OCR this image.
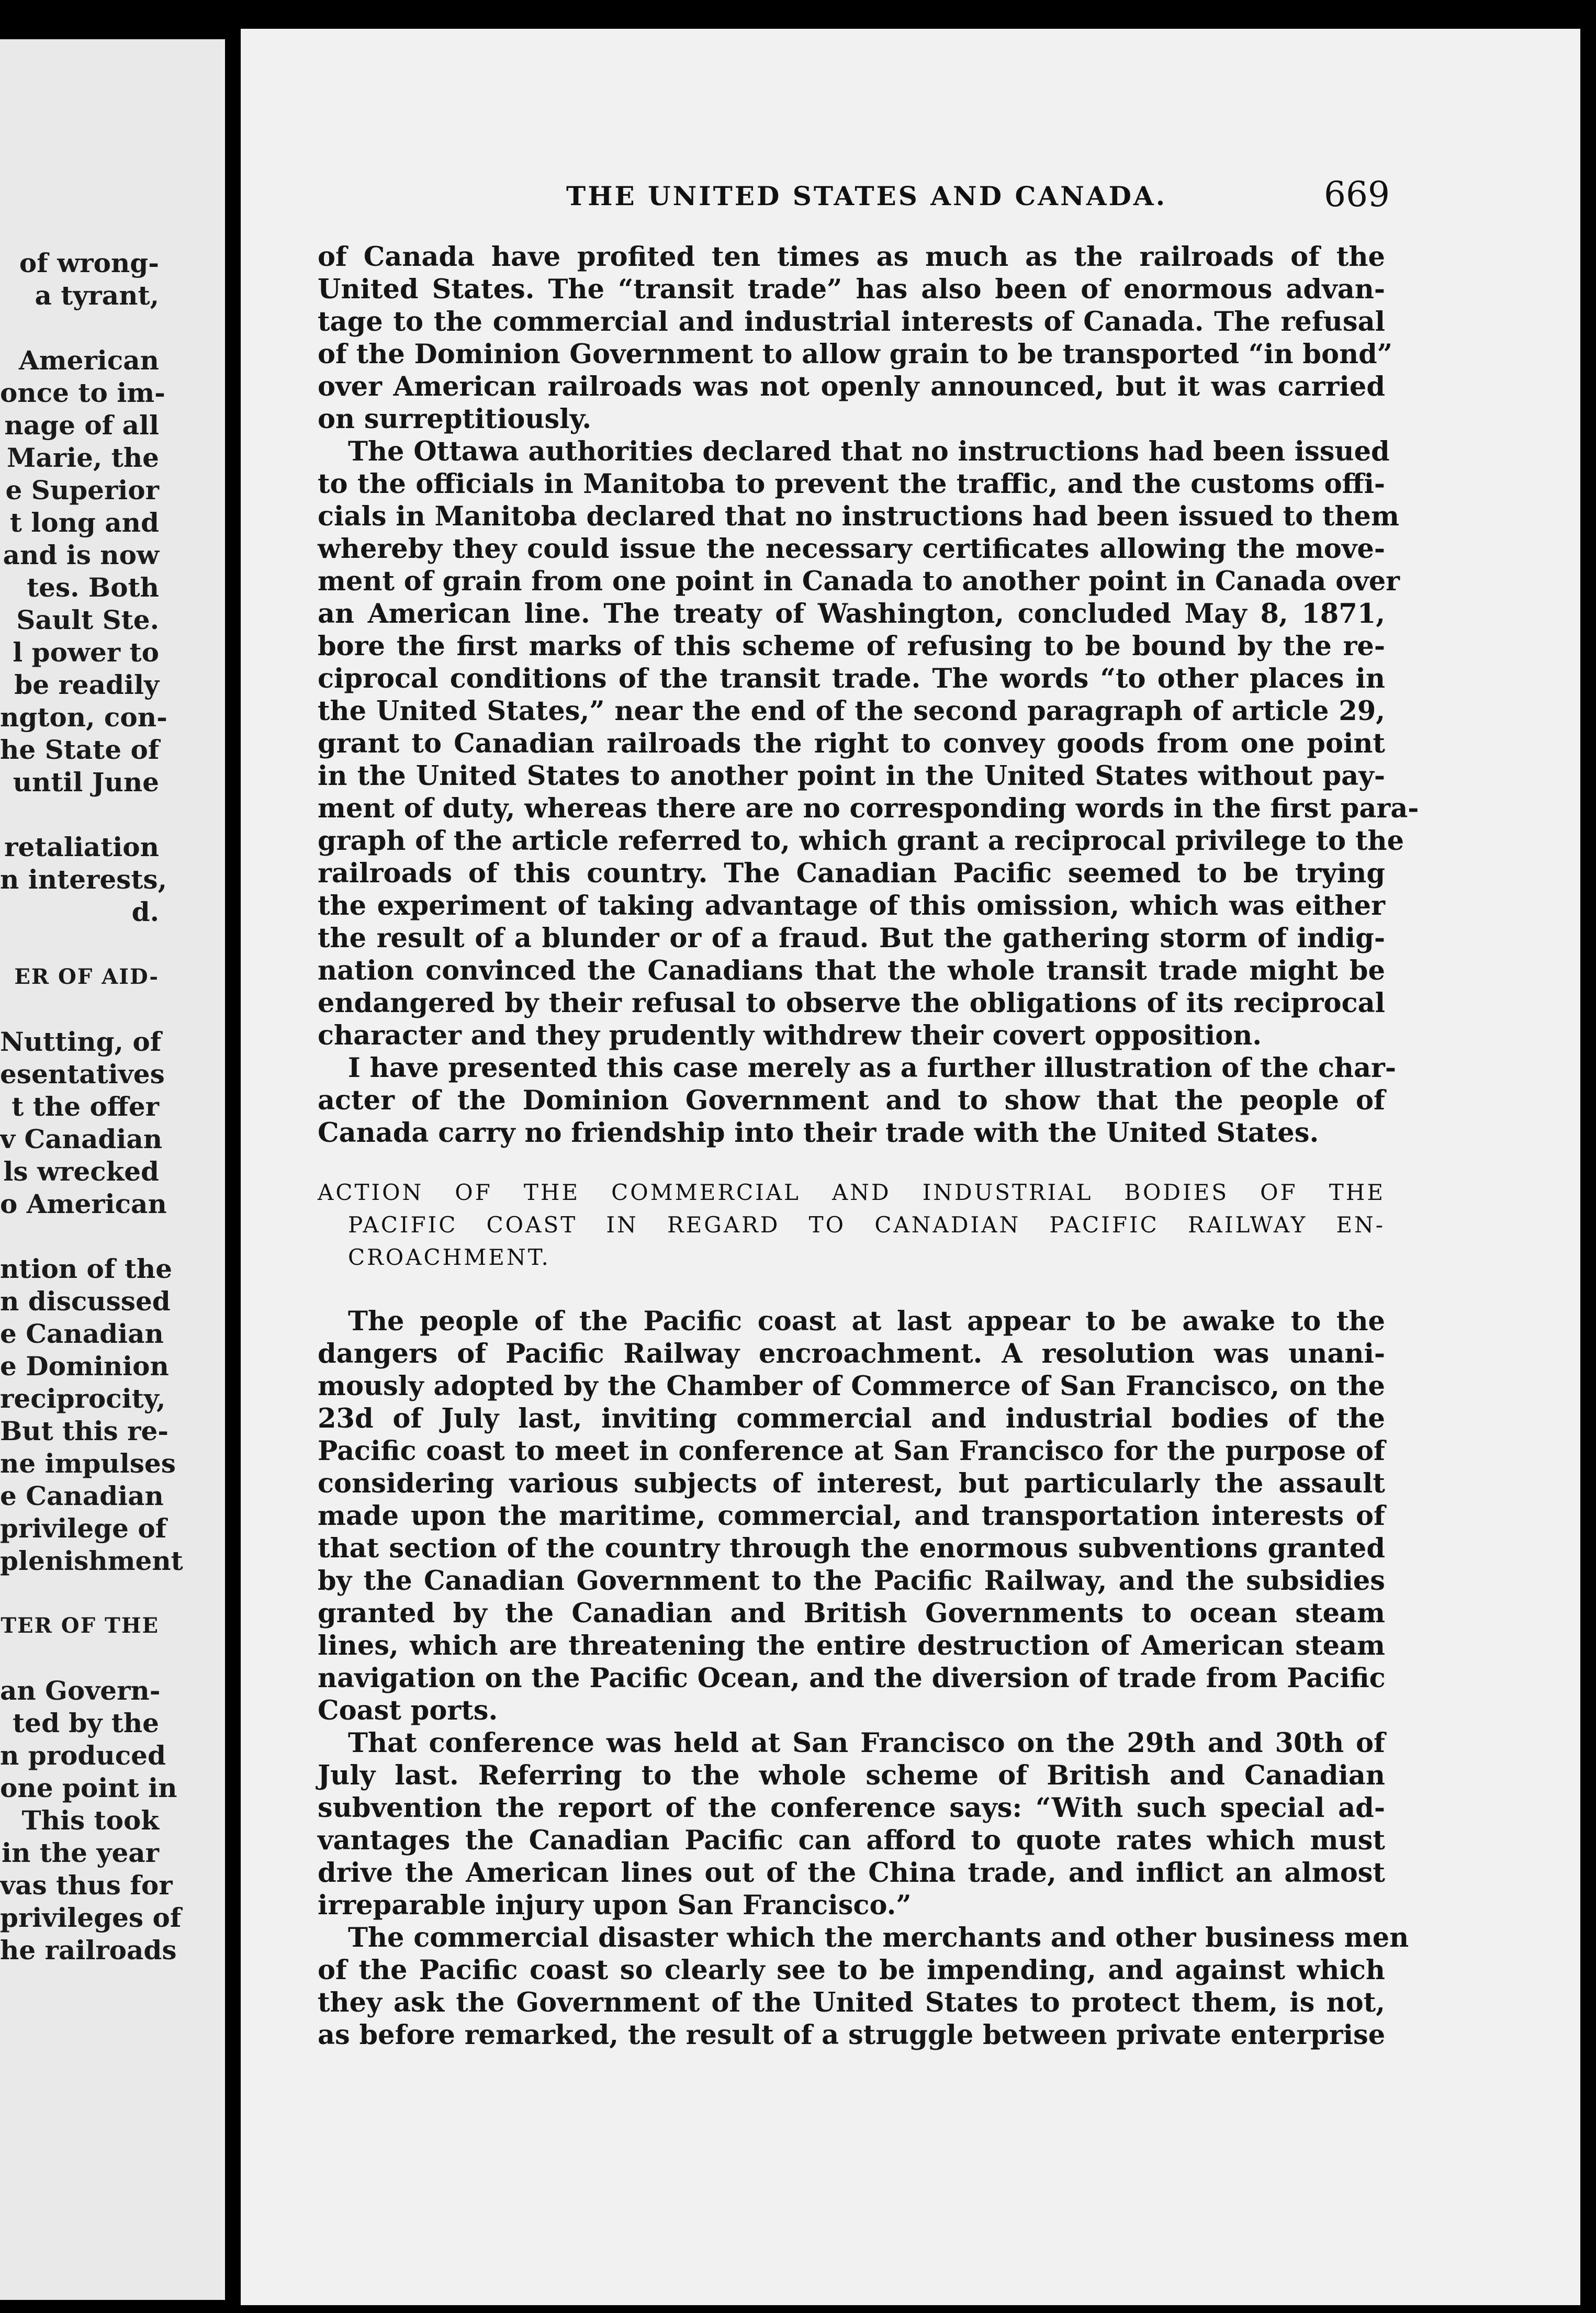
of wrong-
a tyrant,
American
once to im-
nage of all
Marie, the
e Superior
t long and
and is now
tes. Both
Sault Ste.
l power to
be readily
ngton, con-
he State of
until June
retaliation
n interests,
d.
ER OF AID-
Nutting, of
esentatives
t the offer
v Canadian
ls wrecked
o American
ntion of the
n discussed
e Canadian
e Dominion
reciprocity,
But this re-
ne impulses
e Canadian
privilege of
plenishment
TER OF THE
an Govern-
ted by the
n produced
one point in
This took
in the year
vas thus for
privileges of
he railroads
THE UNITED STATES AND CANADA.	669
of Canada have profited ten times as much as the railroads of the
United States. The “transit trade” has also been of enormous advan-
tage to the commercial and industrial interests of Canada. The refusal
of the Dominion Government to allow grain to be transported “in bond”
over American railroads was not openly announced, but it was carried
on surreptitiously.
The Ottawa authorities declared that no instructions had been issued
to the officials in Manitoba to prevent the traffic, and the customs offi-
cials in Manitoba declared that no instructions had been issued to them
whereby they could issue the necessary certificates allowing the move-
ment of grain from one point in Canada to another point in Canada over
an American line. The treaty of Washington, concluded May 8, 1871,
bore the first marks of this scheme of refusing to be bound by the re-
ciprocal conditions of the transit trade. The words “to other places in
the United States,” near the end of the second paragraph of article 29,
grant to Canadian railroads the right to convey goods from one point
in the United States to another point in the United States without pay-
ment of duty, whereas there are no corresponding words in the first para-
graph of the article referred to, which grant a reciprocal privilege to the
railroads of this country. The Canadian Pacific seemed to be trying
the experiment of taking advantage of this omission, which was either
the result of a blunder or of a fraud. But the gathering storm of indig-
nation convinced the Canadians that the whole transit trade might be
endangered by their refusal to observe the obligations of its reciprocal
character and they prudently withdrew their covert opposition.
I have presented this case merely as a further illustration of the char-
acter of the Dominion Government and to show that the people of
Canada carry no friendship into their trade with the United States.
ACTION OF THE COMMERCIAL AND INDUSTRIAL BODIES OF THE
PACIFIC COAST IN REGARD TO CANADIAN PACIFIC RAILWAY EN-
CROACHMENT.
The people of the Pacific coast at last appear to be awake to the
dangers of Pacific Railway encroachment. A resolution was unani-
mously adopted by the Chamber of Commerce of San Francisco, on the
23d of July last, inviting commercial and industrial bodies of the
Pacific coast to meet in conference at San Francisco for the purpose of
considering various subjects of interest, but particularly the assault
made upon the maritime, commercial, and transportation interests of
that section of the country through the enormous subventions granted
by the Canadian Government to the Pacific Railway, and the subsidies
granted by the Canadian and British Governments to ocean steam
lines, which are threatening the entire destruction of American steam
navigation on the Pacific Ocean, and the diversion of trade from Pacific
Coast ports.
That conference was held at San Francisco on the 29th and 30th of
July last. Referring to the whole scheme of British and Canadian
subvention the report of the conference says: “With such special ad-
vantages the Canadian Pacific can afford to quote rates which must
drive the American lines out of the China trade, and inflict an almost
irreparable injury upon San Francisco.”
The commercial disaster which the merchants and other business men
of the Pacific coast so clearly see to be impending, and against which
they ask the Government of the United States to protect them, is not,
as before remarked, the result of a struggle between private enterprise
